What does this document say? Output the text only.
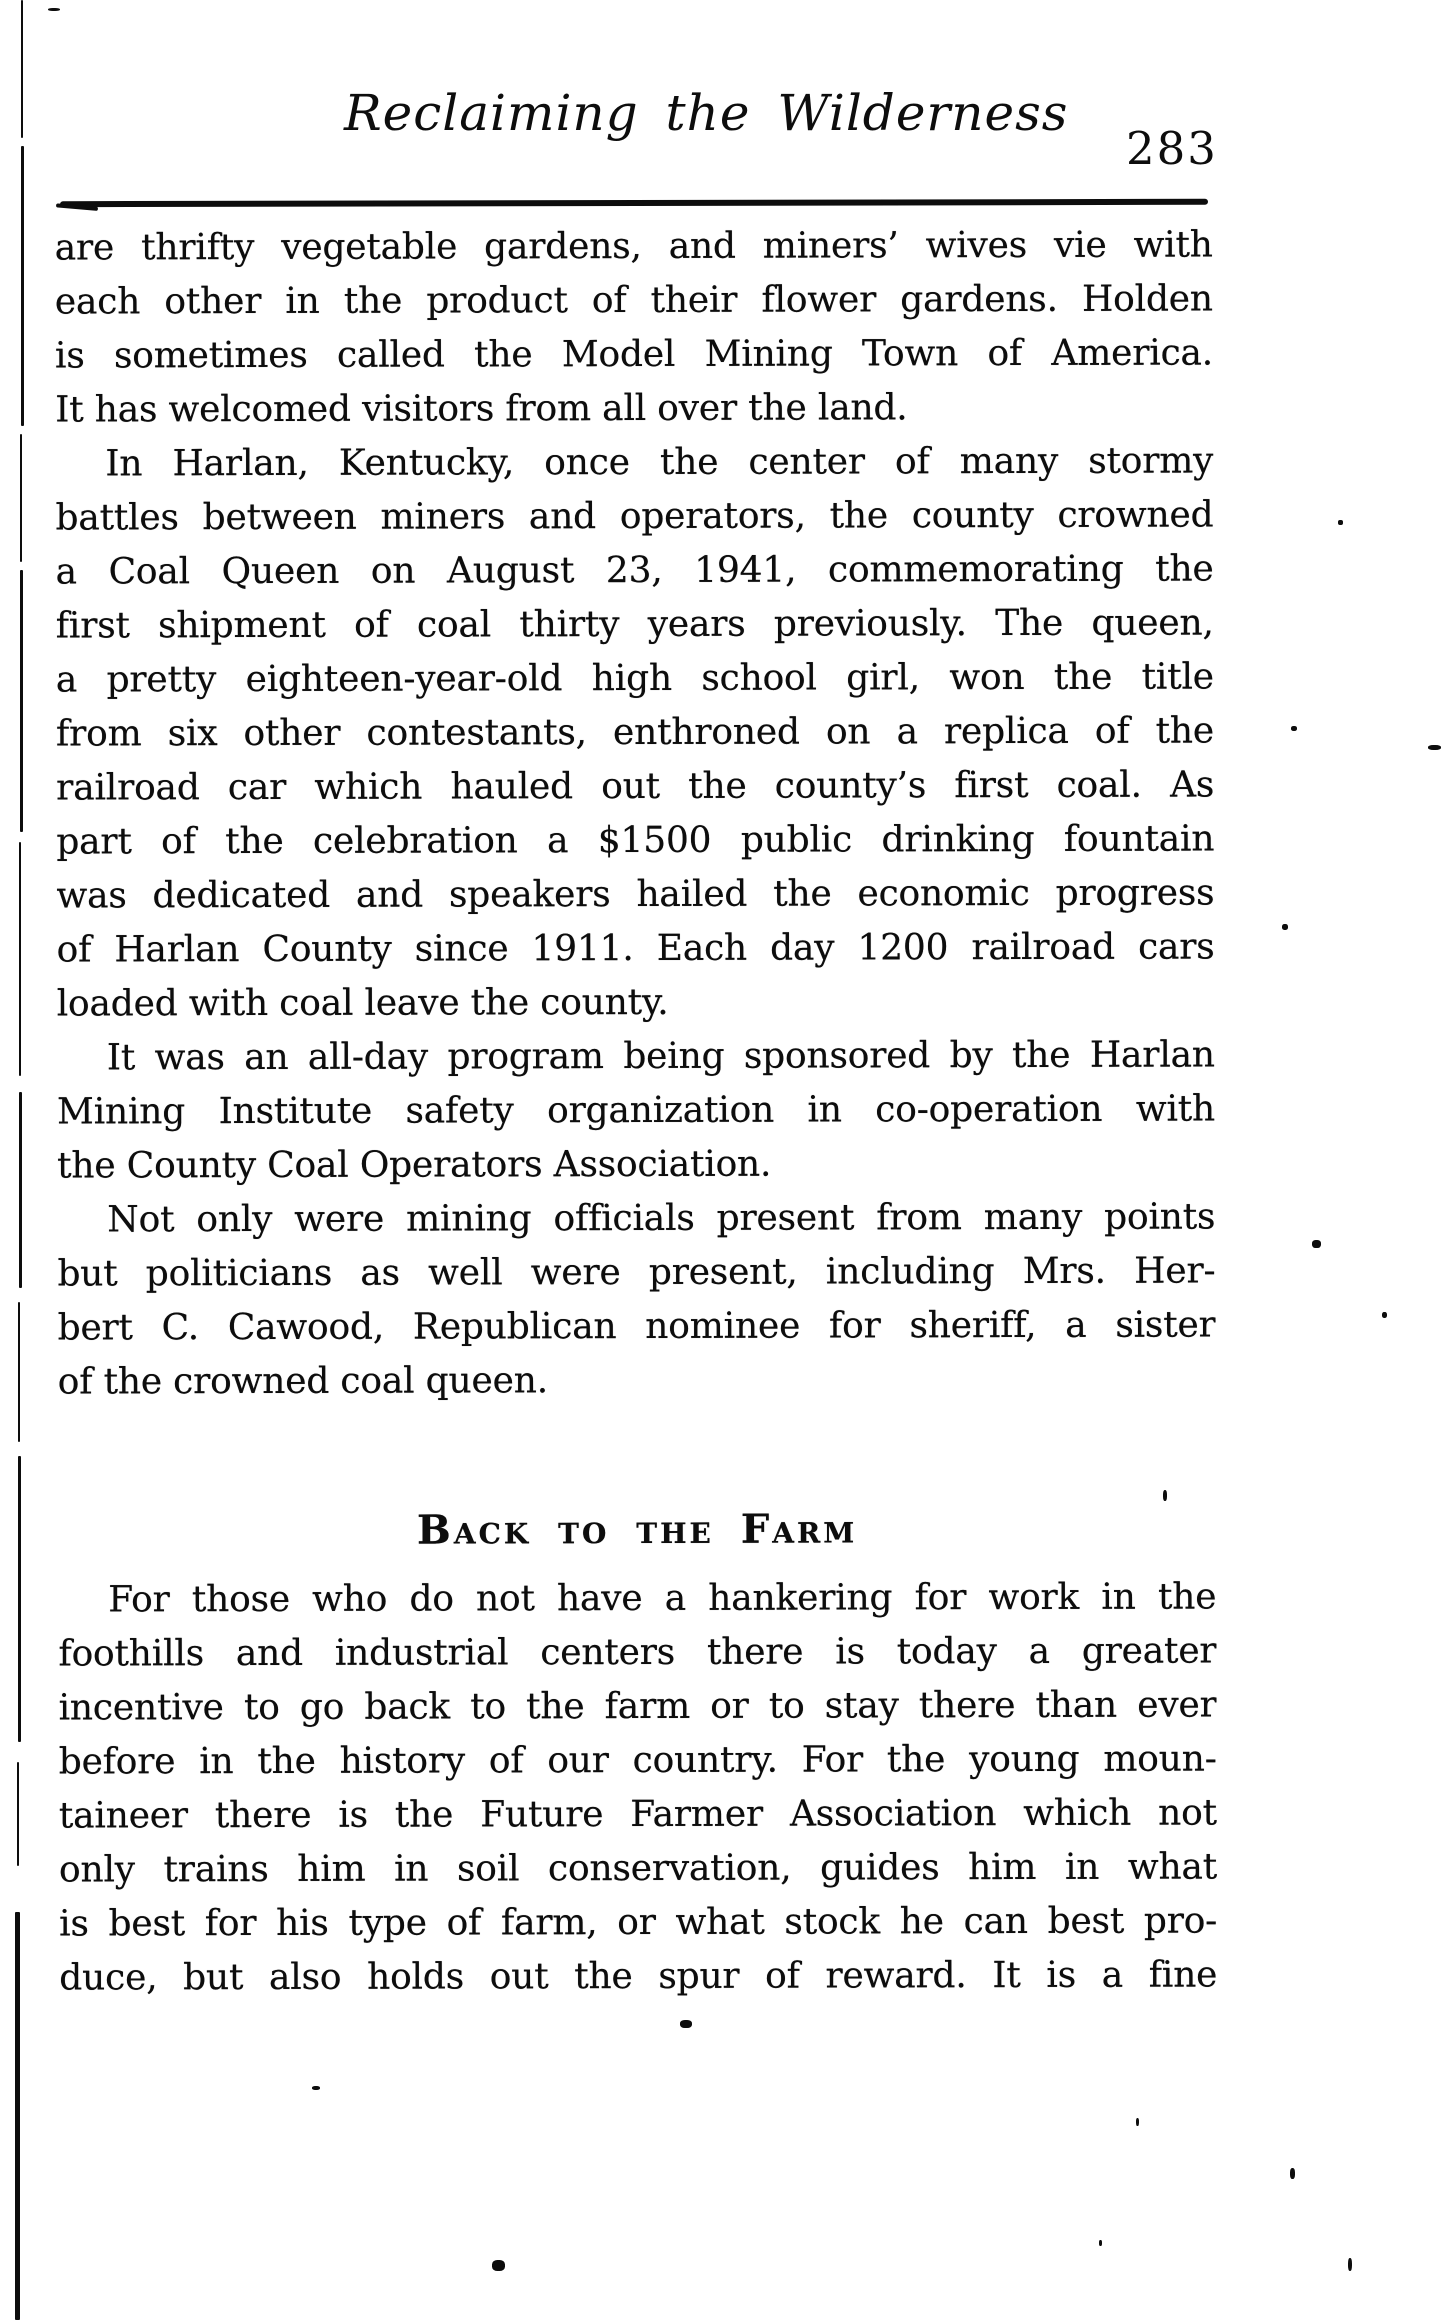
Reclaiming the Wilderness
283
are thrifty vegetable gardens, and miners’ wives vie with
each other in the product of their flower gardens. Holden
is sometimes called the Model Mining Town of America.
It has welcomed visitors from all over the land.
In Harlan, Kentucky, once the center of many stormy
battles between miners and operators, the county crowned
a Coal Queen on August 23, 1941, commemorating the
first shipment of coal thirty years previously. The queen,
a pretty eighteen-year-old high school girl, won the title
from six other contestants, enthroned on a replica of the
railroad car which hauled out the county’s first coal. As
part of the celebration a $1500 public drinking fountain
was dedicated and speakers hailed the economic progress
of Harlan County since 1911. Each day 1200 railroad cars
loaded with coal leave the county.
It was an all-day program being sponsored by the Harlan
Mining Institute safety organization in co-operation with
the County Coal Operators Association.
Not only were mining officials present from many points
but politicians as well were present, including Mrs. Her-
bert C. Cawood, Republican nominee for sheriff, a sister
of the crowned coal queen.
Back to the Farm
For those who do not have a hankering for work in the
foothills and industrial centers there is today a greater
incentive to go back to the farm or to stay there than ever
before in the history of our country. For the young moun-
taineer there is the Future Farmer Association which not
only trains him in soil conservation, guides him in what
is best for his type of farm, or what stock he can best pro-
duce, but also holds out the spur of reward. It is a fine
